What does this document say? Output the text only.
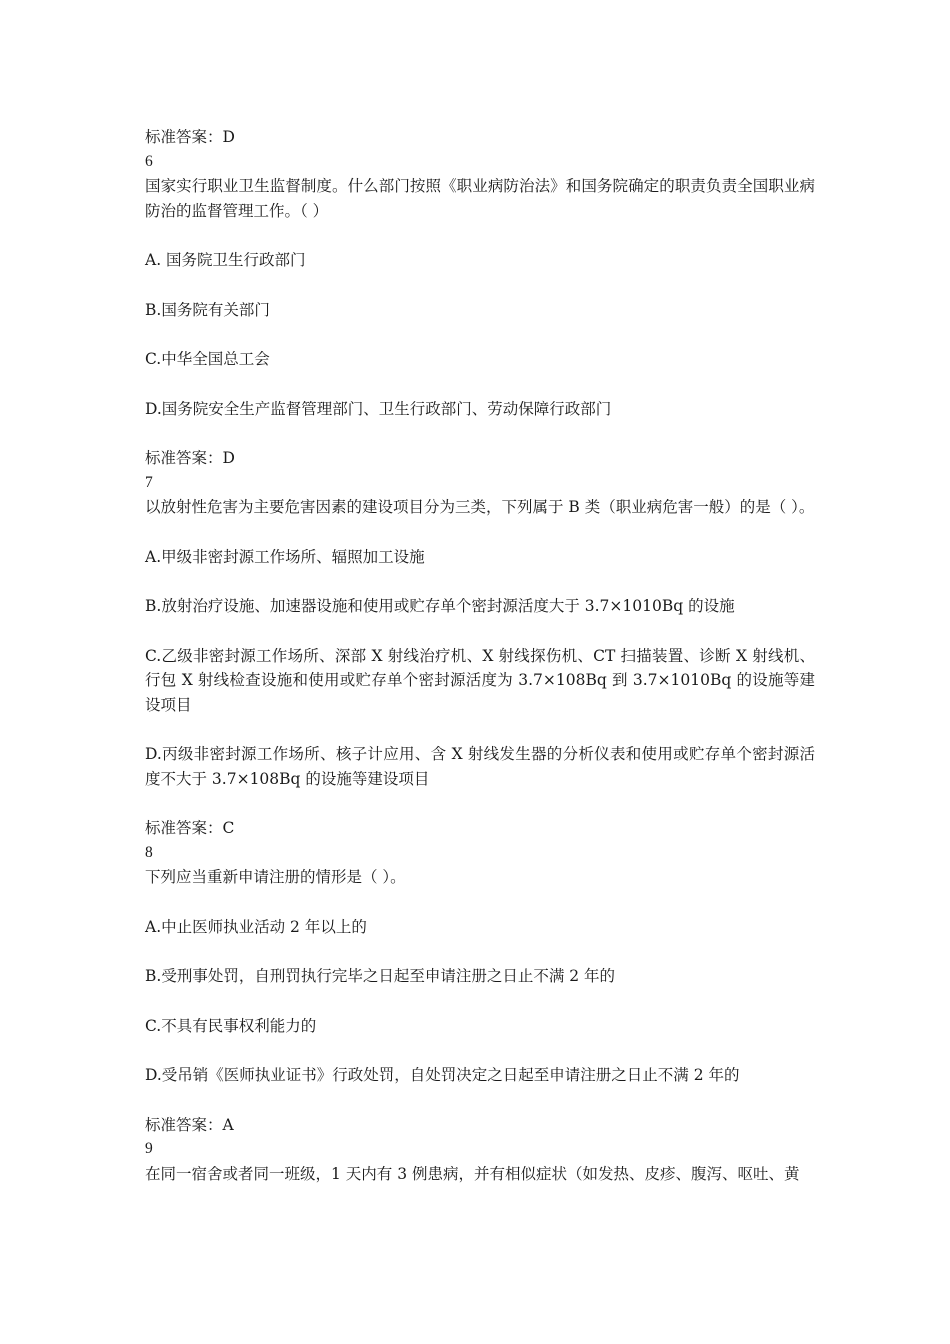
标准答案：D

6

国家实行职业卫生监督制度。什么部门按照《职业病防治法》和国务院确定的职责负责全国职业病防治的监督管理工作。（ ）

A. 国务院卫生行政部门

B.国务院有关部门

C.中华全国总工会

D.国务院安全生产监督管理部门、卫生行政部门、劳动保障行政部门

标准答案：D

7

以放射性危害为主要危害因素的建设项目分为三类，下列属于 B 类（职业病危害一般）的是（ ）。

A.甲级非密封源工作场所、辐照加工设施

B.放射治疗设施、加速器设施和使用或贮存单个密封源活度大于 3.7×1010Bq 的设施

C.乙级非密封源工作场所、深部 X 射线治疗机、X 射线探伤机、CT 扫描装置、诊断 X 射线机、行包 X 射线检查设施和使用或贮存单个密封源活度为 3.7×108Bq 到 3.7×1010Bq 的设施等建设项目

D.丙级非密封源工作场所、核子计应用、含 X 射线发生器的分析仪表和使用或贮存单个密封源活度不大于 3.7×108Bq 的设施等建设项目

标准答案：C

8

下列应当重新申请注册的情形是（ ）。

A.中止医师执业活动 2 年以上的

B.受刑事处罚，自刑罚执行完毕之日起至申请注册之日止不满 2 年的

C.不具有民事权利能力的

D.受吊销《医师执业证书》行政处罚，自处罚决定之日起至申请注册之日止不满 2 年的

标准答案：A

9

在同一宿舍或者同一班级，1 天内有 3 例患病，并有相似症状（如发热、皮疹、腹泻、呕吐、黄
